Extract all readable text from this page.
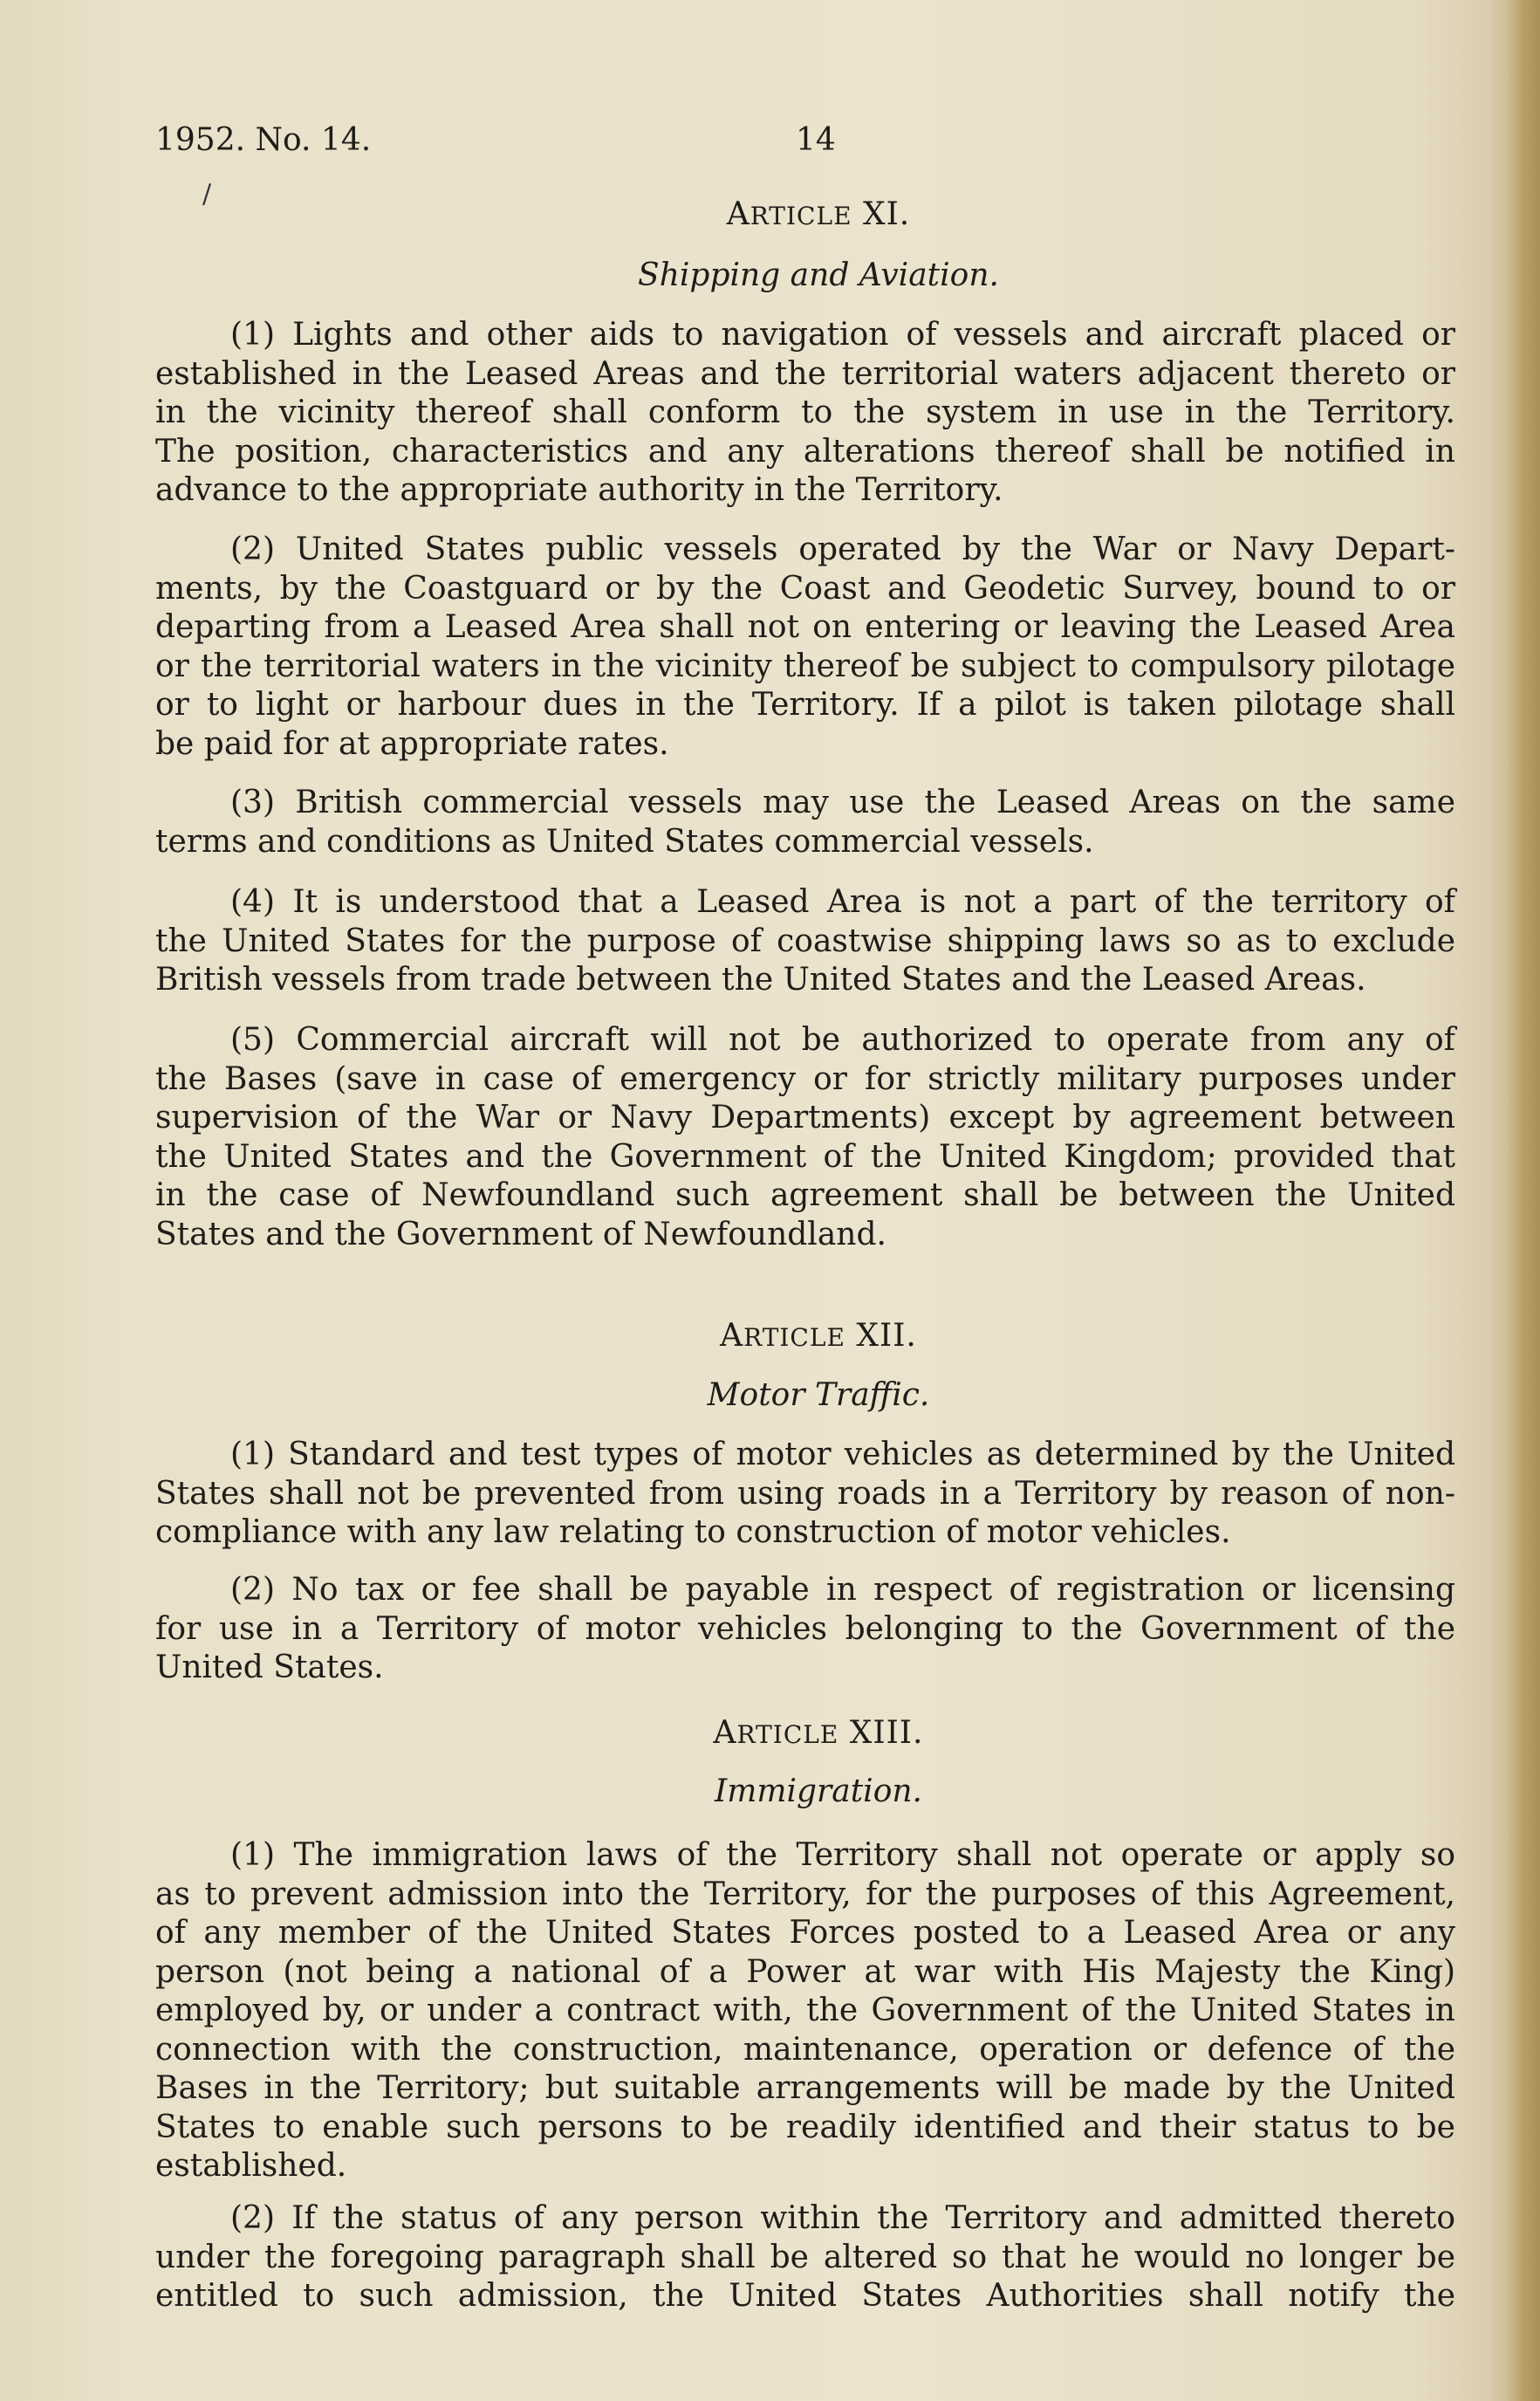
1952. No. 14.	14
/
ARTICLE XI.
Shipping and Aviation.
(1) Lights and other aids to navigation of vessels and aircraft placed or
established in the Leased Areas and the territorial waters adjacent thereto or
in the vicinity thereof shall conform to the system in use in the Territory.
The position, characteristics and any alterations thereof shall be notified in
advance to the appropriate authority in the Territory.
(2) United States public vessels operated by the War or Navy Depart-
ments, by the Coastguard or by the Coast and Geodetic Survey, bound to or
departing from a Leased Area shall not on entering or leaving the Leased Area
or the territorial waters in the vicinity thereof be subject to compulsory pilotage
or to light or harbour dues in the Territory. If a pilot is taken pilotage shall
be paid for at appropriate rates.
(3) British commercial vessels may use the Leased Areas on the same
terms and conditions as United States commercial vessels.
(4) It is understood that a Leased Area is not a part of the territory of
the United States for the purpose of coastwise shipping laws so as to exclude
British vessels from trade between the United States and the Leased Areas.
(5) Commercial aircraft will not be authorized to operate from any of
the Bases (save in case of emergency or for strictly military purposes under
supervision of the War or Navy Departments) except by agreement between
the United States and the Government of the United Kingdom; provided that
in the case of Newfoundland such agreement shall be between the United
States and the Government of Newfoundland.
ARTICLE XII.
Motor Traffic.
(1) Standard and test types of motor vehicles as determined by the United
States shall not be prevented from using roads in a Territory by reason of non-
compliance with any law relating to construction of motor vehicles.
(2) No tax or fee shall be payable in respect of registration or licensing
for use in a Territory of motor vehicles belonging to the Government of the
United States.
ARTICLE XIII.
Immigration.
(1) The immigration laws of the Territory shall not operate or apply so
as to prevent admission into the Territory, for the purposes of this Agreement,
of any member of the United States Forces posted to a Leased Area or any
person (not being a national of a Power at war with His Majesty the King)
employed by, or under a contract with, the Government of the United States in
connection with the construction, maintenance, operation or defence of the
Bases in the Territory; but suitable arrangements will be made by the United
States to enable such persons to be readily identified and their status to be
established.
(2) If the status of any person within the Territory and admitted thereto
under the foregoing paragraph shall be altered so that he would no longer be
entitled to such admission, the United States Authorities shall notify the
